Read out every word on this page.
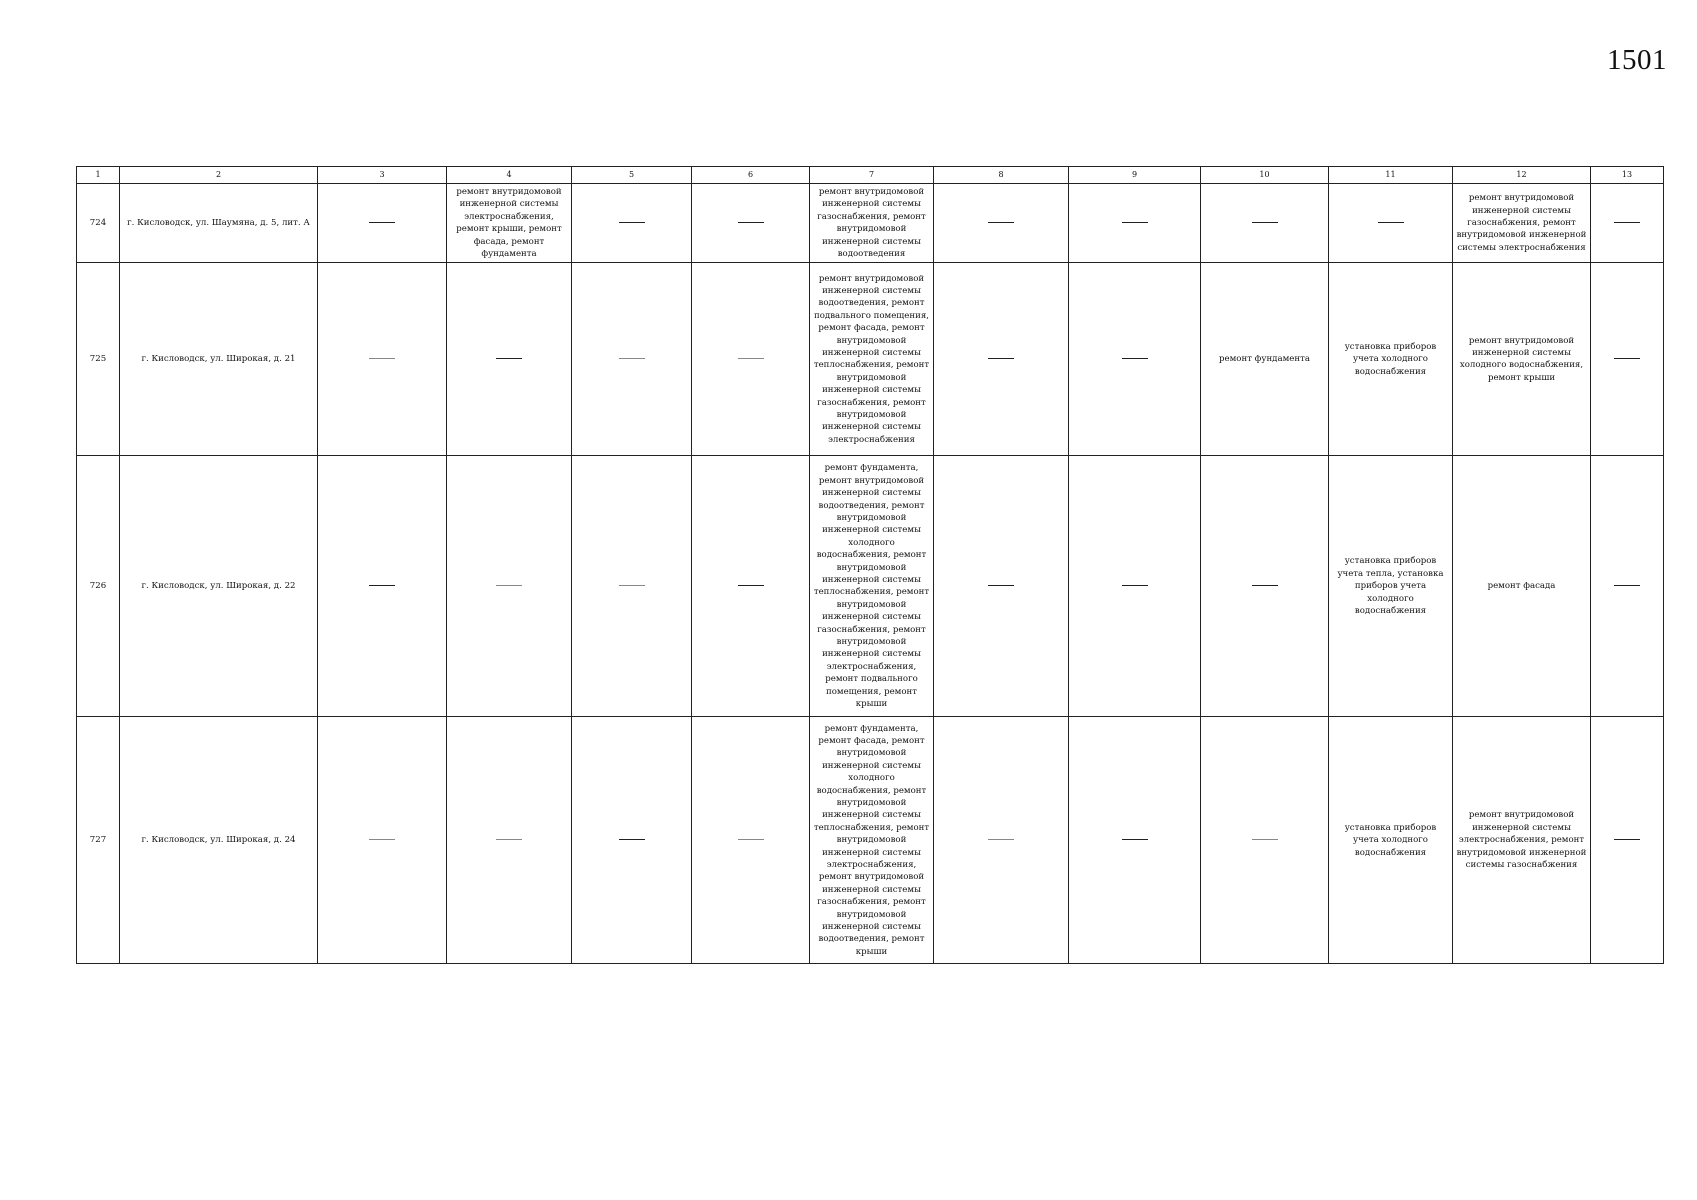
1501
1	2	3	4	5	6	7	8	9	10	11	12	13
724	г. Кисловодск, ул. Шаумяна, д. 5, лит. А		ремонт внутридомовой инженерной системы электроснабжения, ремонт крыши, ремонт фасада, ремонт фундамента			ремонт внутридомовой инженерной системы газоснабжения, ремонт внутридомовой инженерной системы водоотведения					ремонт внутридомовой инженерной системы газоснабжения, ремонт внутридомовой инженерной системы электроснабжения	
725	г. Кисловодск, ул. Широкая, д. 21					ремонт внутридомовой инженерной системы водоотведения, ремонт подвального помещения, ремонт фасада, ремонт внутридомовой инженерной системы теплоснабжения, ремонт внутридомовой инженерной системы газоснабжения, ремонт внутридомовой инженерной системы электроснабжения			ремонт фундамента	установка приборов учета холодного водоснабжения	ремонт внутридомовой инженерной системы холодного водоснабжения, ремонт крыши	
726	г. Кисловодск, ул. Широкая, д. 22					ремонт фундамента, ремонт внутридомовой инженерной системы водоотведения, ремонт внутридомовой инженерной системы холодного водоснабжения, ремонт внутридомовой инженерной системы теплоснабжения, ремонт внутридомовой инженерной системы газоснабжения, ремонт внутридомовой инженерной системы электроснабжения, ремонт подвального помещения, ремонт крыши				установка приборов учета тепла, установка приборов учета холодного водоснабжения	ремонт фасада	
727	г. Кисловодск, ул. Широкая, д. 24					ремонт фундамента, ремонт фасада, ремонт внутридомовой инженерной системы холодного водоснабжения, ремонт внутридомовой инженерной системы теплоснабжения, ремонт внутридомовой инженерной системы электроснабжения, ремонт внутридомовой инженерной системы газоснабжения, ремонт внутридомовой инженерной системы водоотведения, ремонт крыши				установка приборов учета холодного водоснабжения	ремонт внутридомовой инженерной системы электроснабжения, ремонт внутридомовой инженерной системы газоснабжения	
